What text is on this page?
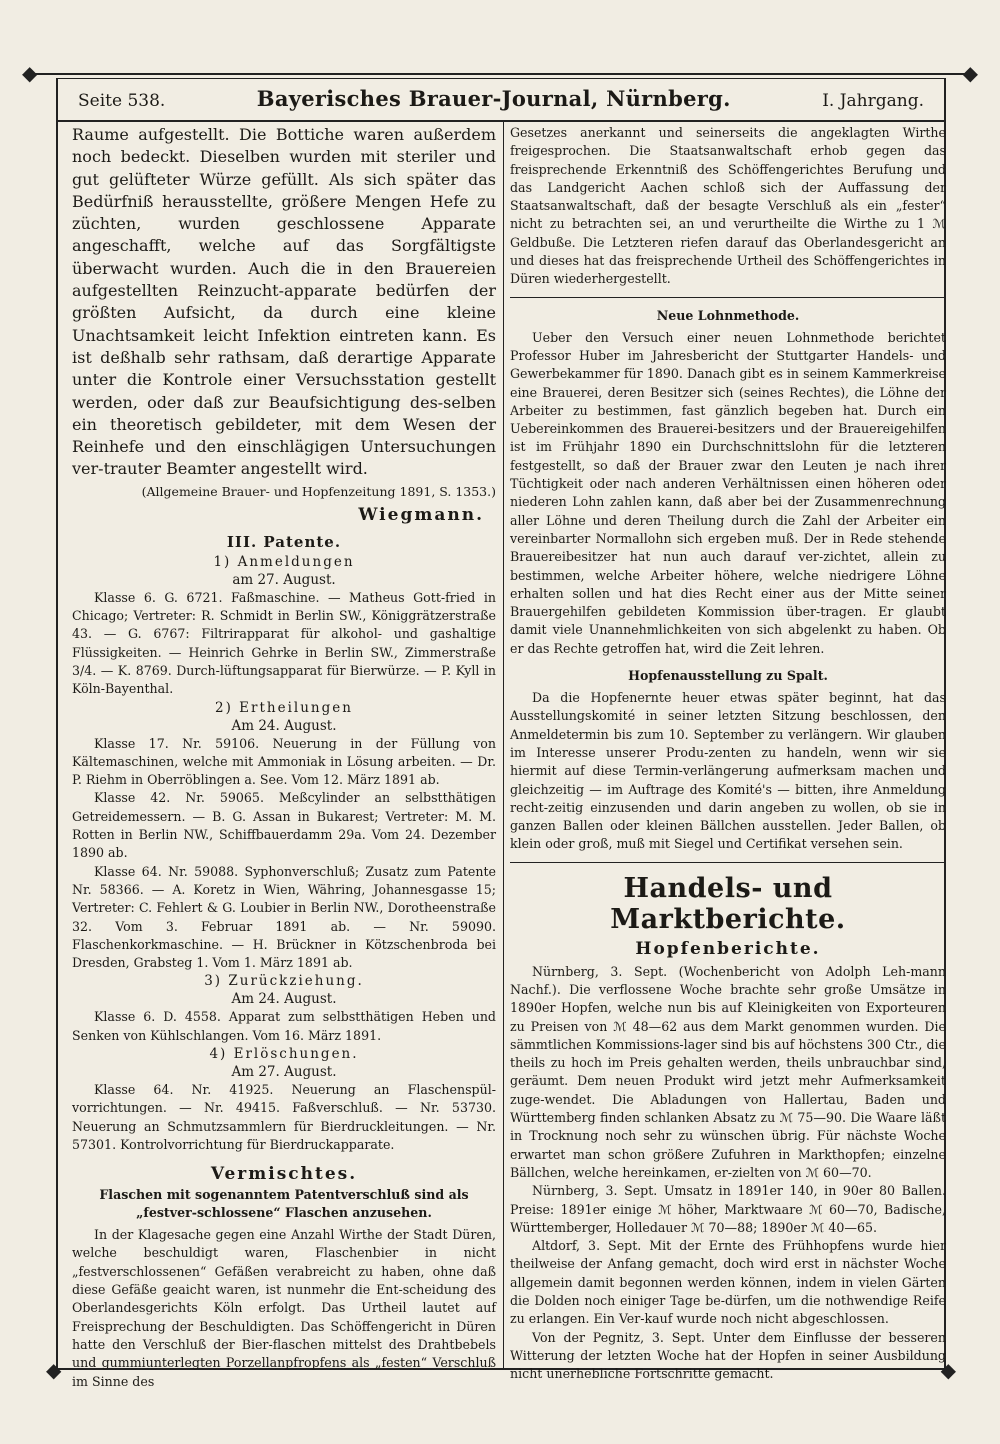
◆	◆
◆	◆
Seite 538.	Bayerisches Brauer-Journal, Nürnberg.	I. Jahrgang.

Raume aufgestellt. Die Bottiche waren außerdem noch bedeckt. Dieselben wurden mit steriler und gut gelüfteter Würze gefüllt. Als sich später das Bedürfniß herausstellte, größere Mengen Hefe zu züchten, wurden geschlossene Apparate angeschafft, welche auf das Sorgfältigste überwacht wurden. Auch die in den Brauereien aufgestellten Reinzucht-apparate bedürfen der größten Aufsicht, da durch eine kleine Unachtsamkeit leicht Infektion eintreten kann. Es ist deßhalb sehr rathsam, daß derartige Apparate unter die Kontrole einer Versuchsstation gestellt werden, oder daß zur Beaufsichtigung des-selben ein theoretisch gebildeter, mit dem Wesen der Reinhefe und den einschlägigen Untersuchungen ver-trauter Beamter angestellt wird.

(Allgemeine Brauer- und Hopfenzeitung 1891, S. 1353.)
Wiegmann.
III. Patente.
1) Anmeldungen
am 27. August.

Klasse 6. G. 6721. Faßmaschine. — Matheus Gott-fried in Chicago; Vertreter: R. Schmidt in Berlin SW., Königgrätzerstraße 43. — G. 6767: Filtrirapparat für alkohol- und gashaltige Flüssigkeiten. — Heinrich Gehrke in Berlin SW., Zimmerstraße 3/4. — K. 8769. Durch-lüftungsapparat für Bierwürze. — P. Kyll in Köln-Bayenthal.

2) Ertheilungen
Am 24. August.

Klasse 17. Nr. 59106. Neuerung in der Füllung von Kältemaschinen, welche mit Ammoniak in Lösung arbeiten. — Dr. P. Riehm in Oberröblingen a. See. Vom 12. März 1891 ab.

Klasse 42. Nr. 59065. Meßcylinder an selbstthätigen Getreidemessern. — B. G. Assan in Bukarest; Vertreter: M. M. Rotten in Berlin NW., Schiffbauerdamm 29a. Vom 24. Dezember 1890 ab.

Klasse 64. Nr. 59088. Syphonverschluß; Zusatz zum Patente Nr. 58366. — A. Koretz in Wien, Währing, Johannesgasse 15; Vertreter: C. Fehlert & G. Loubier in Berlin NW., Dorotheenstraße 32. Vom 3. Februar 1891 ab. — Nr. 59090. Flaschenkorkmaschine. — H. Brückner in Kötzschenbroda bei Dresden, Grabsteg 1. Vom 1. März 1891 ab.

3) Zurückziehung.
Am 24. August.

Klasse 6. D. 4558. Apparat zum selbstthätigen Heben und Senken von Kühlschlangen. Vom 16. März 1891.

4) Erlöschungen.
Am 27. August.

Klasse 64. Nr. 41925. Neuerung an Flaschenspül-vorrichtungen. — Nr. 49415. Faßverschluß. — Nr. 53730. Neuerung an Schmutzsammlern für Bierdruckleitungen. — Nr. 57301. Kontrolvorrichtung für Bierdruckapparate.

Vermischtes.
Flaschen mit sogenanntem Patentverschluß sind als „festver-schlossene“ Flaschen anzusehen.

In der Klagesache gegen eine Anzahl Wirthe der Stadt Düren, welche beschuldigt waren, Flaschenbier in nicht „festverschlossenen“ Gefäßen verabreicht zu haben, ohne daß diese Gefäße geaicht waren, ist nunmehr die Ent-scheidung des Oberlandesgerichts Köln erfolgt. Das Urtheil lautet auf Freisprechung der Beschuldigten. Das Schöffengericht in Düren hatte den Verschluß der Bier-flaschen mittelst des Drahtbebels und gummiunterlegten Porzellanpfropfens als „festen“ Verschluß im Sinne des

Gesetzes anerkannt und seinerseits die angeklagten Wirthe freigesprochen. Die Staatsanwaltschaft erhob gegen das freisprechende Erkenntniß des Schöffengerichtes Berufung und das Landgericht Aachen schloß sich der Auffassung der Staatsanwaltschaft, daß der besagte Verschluß als ein „fester“ nicht zu betrachten sei, an und verurtheilte die Wirthe zu 1 ℳ Geldbuße. Die Letzteren riefen darauf das Oberlandesgericht an und dieses hat das freisprechende Urtheil des Schöffengerichtes in Düren wiederhergestellt.

Neue Lohnmethode.

Ueber den Versuch einer neuen Lohnmethode berichtet Professor Huber im Jahresbericht der Stuttgarter Handels- und Gewerbekammer für 1890. Danach gibt es in seinem Kammerkreise eine Brauerei, deren Besitzer sich (seines Rechtes), die Löhne der Arbeiter zu bestimmen, fast gänzlich begeben hat. Durch ein Uebereinkommen des Brauerei-besitzers und der Brauereigehilfen ist im Frühjahr 1890 ein Durchschnittslohn für die letzteren festgestellt, so daß der Brauer zwar den Leuten je nach ihrer Tüchtigkeit oder nach anderen Verhältnissen einen höheren oder niederen Lohn zahlen kann, daß aber bei der Zusammenrechnung aller Löhne und deren Theilung durch die Zahl der Arbeiter ein vereinbarter Normallohn sich ergeben muß. Der in Rede stehende Brauereibesitzer hat nun auch darauf ver-zichtet, allein zu bestimmen, welche Arbeiter höhere, welche niedrigere Löhne erhalten sollen und hat dies Recht einer aus der Mitte seiner Brauergehilfen gebildeten Kommission über-tragen. Er glaubt damit viele Unannehmlichkeiten von sich abgelenkt zu haben. Ob er das Rechte getroffen hat, wird die Zeit lehren.

Hopfenausstellung zu Spalt.

Da die Hopfenernte heuer etwas später beginnt, hat das Ausstellungskomité in seiner letzten Sitzung beschlossen, den Anmeldetermin bis zum 10. September zu verlängern. Wir glauben im Interesse unserer Produ-zenten zu handeln, wenn wir sie hiermit auf diese Termin-verlängerung aufmerksam machen und gleichzeitig — im Auftrage des Komité's — bitten, ihre Anmeldung recht-zeitig einzusenden und darin angeben zu wollen, ob sie in ganzen Ballen oder kleinen Bällchen ausstellen. Jeder Ballen, ob klein oder groß, muß mit Siegel und Certifikat versehen sein.

Handels- und Marktberichte.
Hopfenberichte.

Nürnberg, 3. Sept. (Wochenbericht von Adolph Leh-mann Nachf.). Die verflossene Woche brachte sehr große Umsätze in 1890er Hopfen, welche nun bis auf Kleinigkeiten von Exporteuren zu Preisen von ℳ 48—62 aus dem Markt genommen wurden. Die sämmtlichen Kommissions-lager sind bis auf höchstens 300 Ctr., die theils zu hoch im Preis gehalten werden, theils unbrauchbar sind, geräumt. Dem neuen Produkt wird jetzt mehr Aufmerksamkeit zuge-wendet. Die Abladungen von Hallertau, Baden und Württemberg finden schlanken Absatz zu ℳ 75—90. Die Waare läßt in Trocknung noch sehr zu wünschen übrig. Für nächste Woche erwartet man schon größere Zufuhren in Markthopfen; einzelne Bällchen, welche hereinkamen, er-zielten von ℳ 60—70.

Nürnberg, 3. Sept. Umsatz in 1891er 140, in 90er 80 Ballen. Preise: 1891er einige ℳ höher, Marktwaare ℳ 60—70, Badische, Württemberger, Holledauer ℳ 70—88; 1890er ℳ 40—65.

Altdorf, 3. Sept. Mit der Ernte des Frühhopfens wurde hier theilweise der Anfang gemacht, doch wird erst in nächster Woche allgemein damit begonnen werden können, indem in vielen Gärten die Dolden noch einiger Tage be-dürfen, um die nothwendige Reife zu erlangen. Ein Ver-kauf wurde noch nicht abgeschlossen.

Von der Pegnitz, 3. Sept. Unter dem Einflusse der besseren Witterung der letzten Woche hat der Hopfen in seiner Ausbildung nicht unerhebliche Fortschritte gemacht.
